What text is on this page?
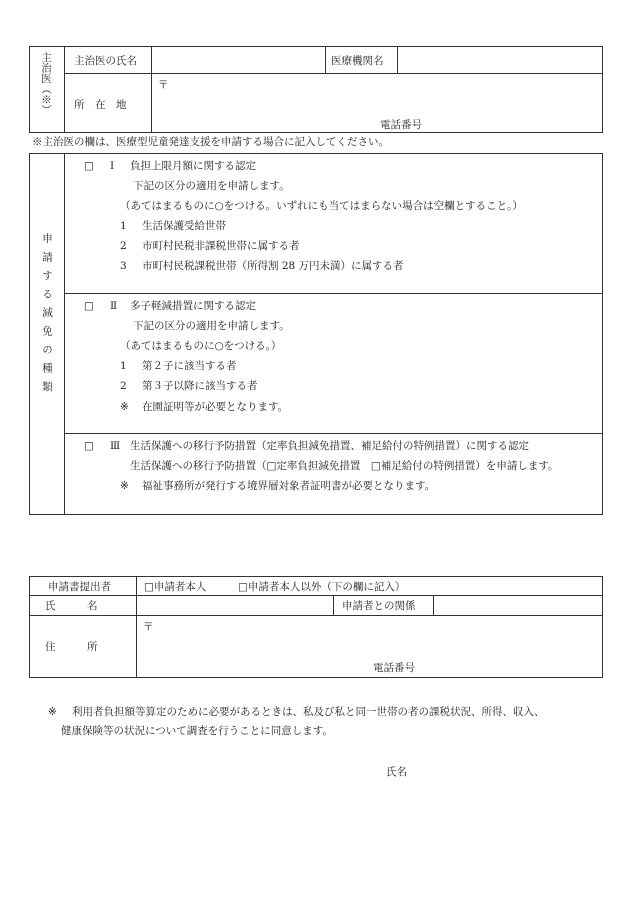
主治医（※） 主治医の氏名	医療機関名
所　在　地
〒
電話番号
※主治医の欄は、医療型児童発達支援を申請する場合に記入してください。
申請する減免の種類
□ Ⅰ 負担上限月額に関する認定
下記の区分の適用を申請します。
（あてはまるものに○をつける。いずれにも当てはまらない場合は空欄とすること。）
1 生活保護受給世帯
2 市町村民税非課税世帯に属する者
3 市町村民税課税世帯（所得割 28 万円未満）に属する者
□ Ⅱ 多子軽減措置に関する認定
下記の区分の適用を申請します。
（あてはまるものに○をつける。）
1 第２子に該当する者
2 第３子以降に該当する者
※ 在園証明等が必要となります。
□ Ⅲ 生活保護への移行予防措置（定率負担減免措置、補足給付の特例措置）に関する認定
生活保護への移行予防措置（□定率負担減免措置　□補足給付の特例措置）を申請します。
※ 福祉事務所が発行する境界層対象者証明書が必要となります。
申請書提出者	□申請者本人	□申請者本人以外（下の欄に記入）
氏　　　名	申請者との関係
住　　　所
〒
電話番号
※ 利用者負担額等算定のために必要があるときは、私及び私と同一世帯の者の課税状況、所得、収入、
健康保険等の状況について調査を行うことに同意します。
氏名
